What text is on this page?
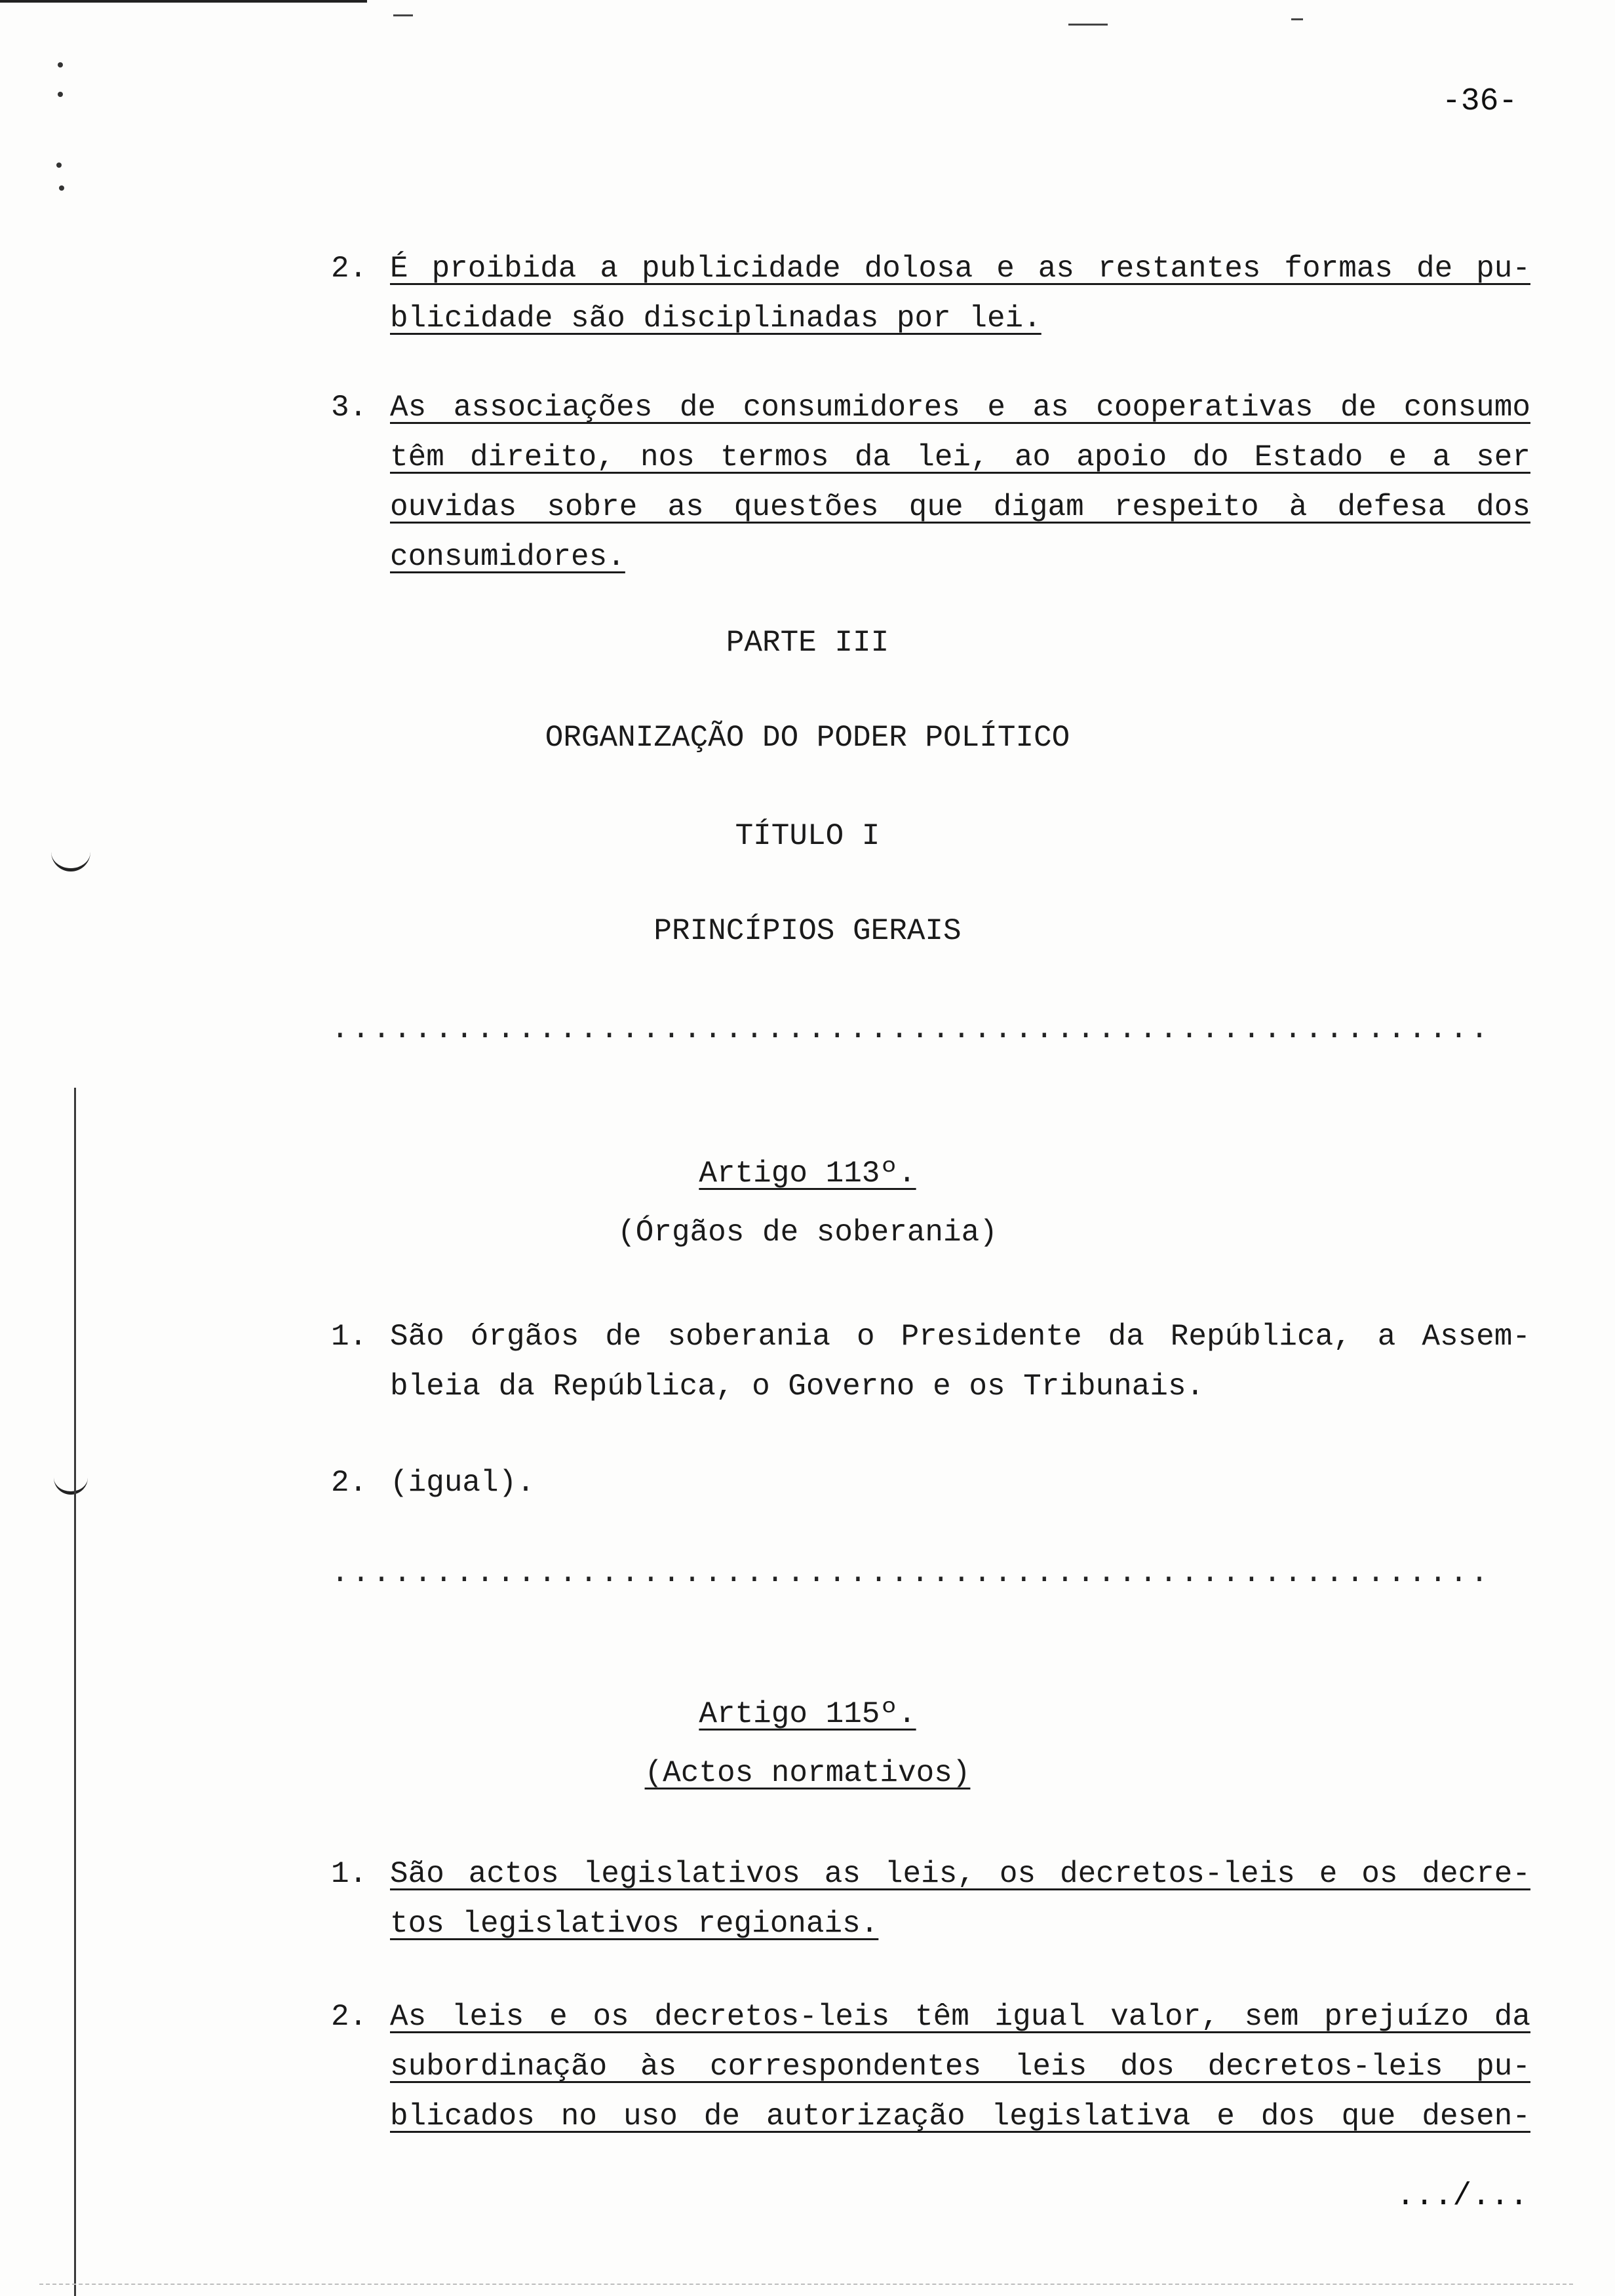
-36-
2. É proibida a publicidade dolosa e as restantes formas de pu-
blicidade são disciplinadas por lei.
3. As associações de consumidores e as cooperativas de consumo
têm direito, nos termos da lei, ao apoio do Estado e a ser
ouvidas sobre as questões que digam respeito à defesa dos
consumidores.
PARTE III
ORGANIZAÇÃO DO PODER POLÍTICO
TÍTULO I
PRINCÍPIOS GERAIS
........................................................
Artigo 113º.
(Órgãos de soberania)
1. São órgãos de soberania o Presidente da República, a Assem-
bleia da República, o Governo e os Tribunais.
2. (igual).
........................................................
Artigo 115º.
(Actos normativos)
1. São actos legislativos as leis, os decretos-leis e os decre-
tos legislativos regionais.
2. As leis e os decretos-leis têm igual valor, sem prejuízo da
subordinação às correspondentes leis dos decretos-leis pu-
blicados no uso de autorização legislativa e dos que desen-
.../...
